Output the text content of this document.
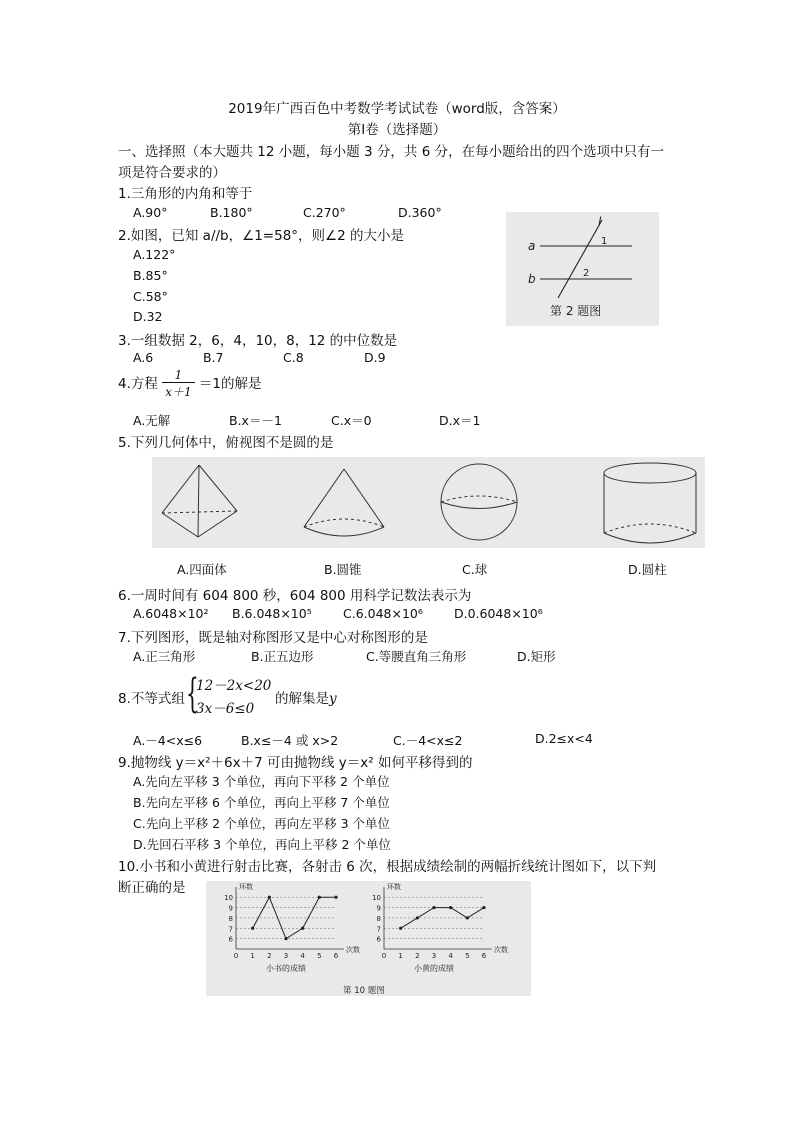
2019年广西百色中考数学考试试卷（word版，含答案）
第Ⅰ卷（选择题）
一、选择照（本大题共 12 小题，每小题 3 分，共 6 分，在每小题给出的四个选项中只有一
项是符合要求的）
1.三角形的内角和等于
A.90°	B.180°	C.270°	D.360°
2.如图，已知 a//b，∠1=58°，则∠2 的大小是
A.122°
B.85°
C.58°
D.32
a
b
l
1
2
第 2 题图
3.一组数据 2，6，4，10，8，12 的中位数是
A.6	B.7	C.8	D.9
4.方程 $\frac{1}{x+1} =1$的解是
A.无解	B.x＝－1	C.x＝0	D.x＝1
5.下列几何体中，俯视图不是圆的是
A.四面体	B.圆锥	C.球	D.圆柱
6.一周时间有 604 800 秒，604 800 用科学记数法表示为
A.6048×10² B.6.048×10⁵	C.6.048×10⁶ D.0.6048×10⁶
7.下列图形，既是轴对称图形又是中心对称图形的是
A.正三角形	B.正五边形	C.等腰直角三角形	D.矩形
8.不等式组 {
12－2x<20
3x－6≤0
的解集是y
A.－4<x≤6	B.x≤－4 或 x>2	C.－4<x≤2	D.2≤x<4
9.抛物线 y＝x²＋6x＋7 可由抛物线 y＝x² 如何平移得到的
A.先向左平移 3 个单位，再向下平移 2 个单位
B.先向左平移 6 个单位，再向上平移 7 个单位
C.先向上平移 2 个单位，再向左平移 3 个单位
D.先回石平移 3 个单位，再向上平移 2 个单位
10.小书和小黄进行射击比赛，各射击 6 次，根据成绩绘制的两幅折线统计图如下，以下判
断正确的是
6
7
8
9
10
0 1 2 3 4 5 6
环数
次数
小书的成绩
6
7
8
9
10
0 1 2 3 4 5 6
环数
次数
小黄的成绩
第 10 题图
